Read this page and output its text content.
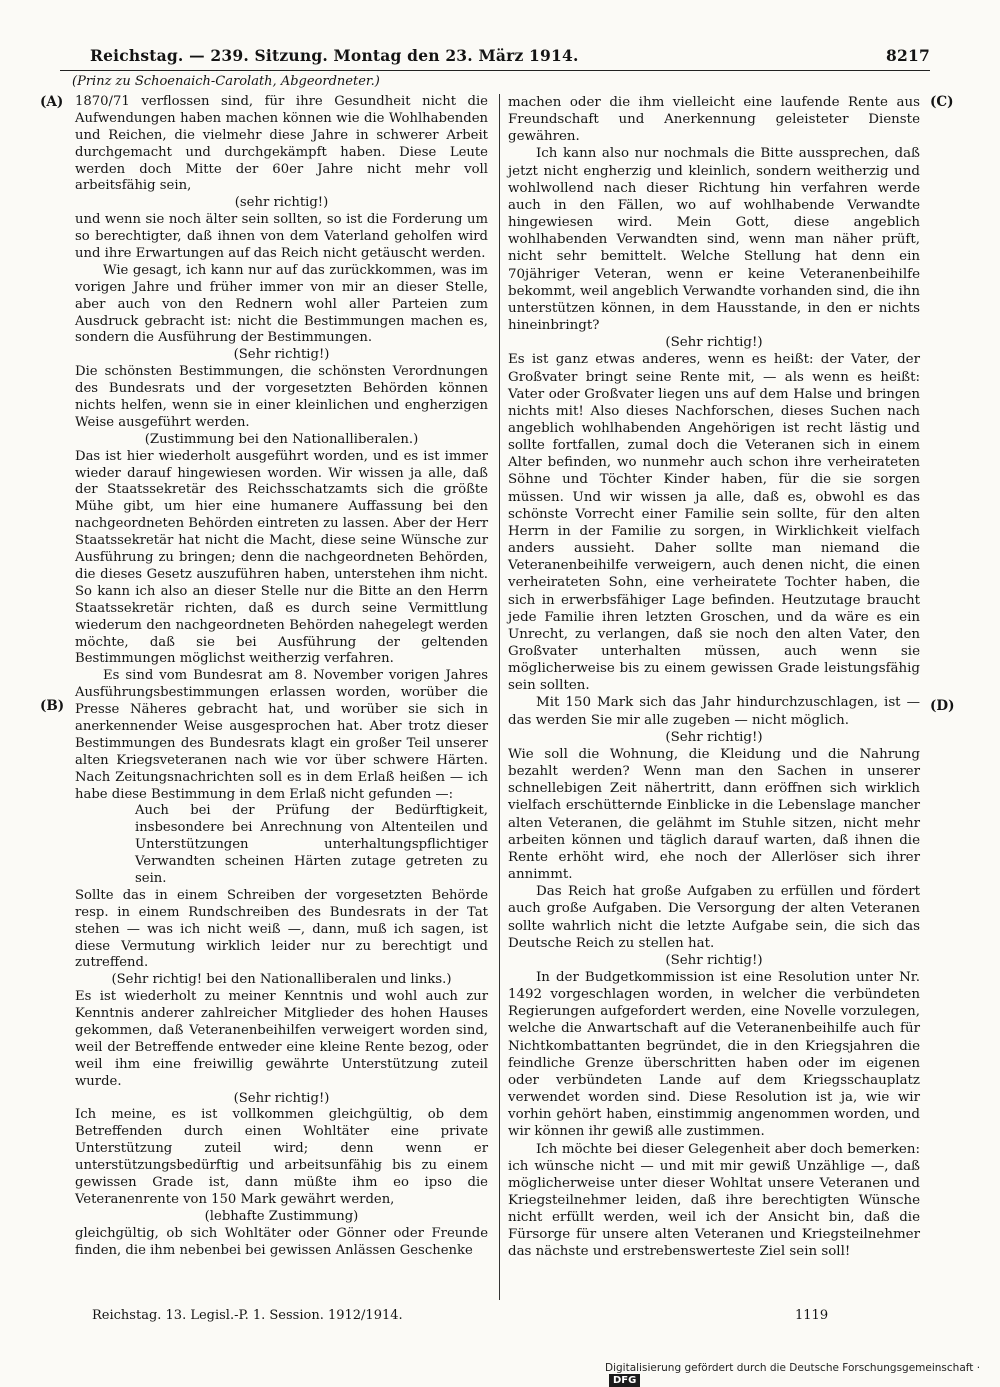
Reichstag. — 239. Sitzung. Montag den 23. März 1914.	8217
(Prinz zu Schoenaich-Carolath, Abgeordneter.)
(A)
(B)
(C)
(D)

1870/71 verflossen sind, für ihre Gesundheit nicht die Aufwendungen haben machen können wie die Wohlhabenden und Reichen, die vielmehr diese Jahre in schwerer Arbeit durchgemacht und durchgekämpft haben. Diese Leute werden doch Mitte der 60er Jahre nicht mehr voll arbeitsfähig sein,

(sehr richtig!)

und wenn sie noch älter sein sollten, so ist die Forderung um so berechtigter, daß ihnen von dem Vaterland geholfen wird und ihre Erwartungen auf das Reich nicht getäuscht werden.

Wie gesagt, ich kann nur auf das zurückkommen, was im vorigen Jahre und früher immer von mir an dieser Stelle, aber auch von den Rednern wohl aller Parteien zum Ausdruck gebracht ist: nicht die Bestimmungen machen es, sondern die Ausführung der Bestimmungen.

(Sehr richtig!)

Die schönsten Bestimmungen, die schönsten Verordnungen des Bundesrats und der vorgesetzten Behörden können nichts helfen, wenn sie in einer kleinlichen und engherzigen Weise ausgeführt werden.

(Zustimmung bei den Nationalliberalen.)

Das ist hier wiederholt ausgeführt worden, und es ist immer wieder darauf hingewiesen worden. Wir wissen ja alle, daß der Staatssekretär des Reichsschatzamts sich die größte Mühe gibt, um hier eine humanere Auffassung bei den nachgeordneten Behörden eintreten zu lassen. Aber der Herr Staatssekretär hat nicht die Macht, diese seine Wünsche zur Ausführung zu bringen; denn die nachgeordneten Behörden, die dieses Gesetz auszuführen haben, unterstehen ihm nicht. So kann ich also an dieser Stelle nur die Bitte an den Herrn Staatssekretär richten, daß es durch seine Vermittlung wiederum den nachgeordneten Behörden nahegelegt werden möchte, daß sie bei Ausführung der geltenden Bestimmungen möglichst weitherzig verfahren.

Es sind vom Bundesrat am 8. November vorigen Jahres Ausführungsbestimmungen erlassen worden, worüber die Presse Näheres gebracht hat, und worüber sie sich in anerkennender Weise ausgesprochen hat. Aber trotz dieser Bestimmungen des Bundesrats klagt ein großer Teil unserer alten Kriegsveteranen nach wie vor über schwere Härten. Nach Zeitungsnachrichten soll es in dem Erlaß heißen — ich habe diese Bestimmung in dem Erlaß nicht gefunden —:

Auch bei der Prüfung der Bedürftigkeit, insbesondere bei Anrechnung von Altenteilen und Unterstützungen unterhaltungspflichtiger Verwandten scheinen Härten zutage getreten zu sein.

Sollte das in einem Schreiben der vorgesetzten Behörde resp. in einem Rundschreiben des Bundesrats in der Tat stehen — was ich nicht weiß —, dann, muß ich sagen, ist diese Vermutung wirklich leider nur zu berechtigt und zutreffend.

(Sehr richtig! bei den Nationalliberalen und links.)

Es ist wiederholt zu meiner Kenntnis und wohl auch zur Kenntnis anderer zahlreicher Mitglieder des hohen Hauses gekommen, daß Veteranenbeihilfen verweigert worden sind, weil der Betreffende entweder eine kleine Rente bezog, oder weil ihm eine freiwillig gewährte Unterstützung zuteil wurde.

(Sehr richtig!)

Ich meine, es ist vollkommen gleichgültig, ob dem Betreffenden durch einen Wohltäter eine private Unterstützung zuteil wird; denn wenn er unterstützungsbedürftig und arbeitsunfähig bis zu einem gewissen Grade ist, dann müßte ihm eo ipso die Veteranenrente von 150 Mark gewährt werden,

(lebhafte Zustimmung)

gleichgültig, ob sich Wohltäter oder Gönner oder Freunde finden, die ihm nebenbei bei gewissen Anlässen Geschenke

machen oder die ihm vielleicht eine laufende Rente aus Freundschaft und Anerkennung geleisteter Dienste gewähren.

Ich kann also nur nochmals die Bitte aussprechen, daß jetzt nicht engherzig und kleinlich, sondern weitherzig und wohlwollend nach dieser Richtung hin verfahren werde auch in den Fällen, wo auf wohlhabende Verwandte hingewiesen wird. Mein Gott, diese angeblich wohlhabenden Verwandten sind, wenn man näher prüft, nicht sehr bemittelt. Welche Stellung hat denn ein 70jähriger Veteran, wenn er keine Veteranenbeihilfe bekommt, weil angeblich Verwandte vorhanden sind, die ihn unterstützen können, in dem Hausstande, in den er nichts hineinbringt?

(Sehr richtig!)

Es ist ganz etwas anderes, wenn es heißt: der Vater, der Großvater bringt seine Rente mit, — als wenn es heißt: Vater oder Großvater liegen uns auf dem Halse und bringen nichts mit! Also dieses Nachforschen, dieses Suchen nach angeblich wohlhabenden Angehörigen ist recht lästig und sollte fortfallen, zumal doch die Veteranen sich in einem Alter befinden, wo nunmehr auch schon ihre verheirateten Söhne und Töchter Kinder haben, für die sie sorgen müssen. Und wir wissen ja alle, daß es, obwohl es das schönste Vorrecht einer Familie sein sollte, für den alten Herrn in der Familie zu sorgen, in Wirklichkeit vielfach anders aussieht. Daher sollte man niemand die Veteranenbeihilfe verweigern, auch denen nicht, die einen verheirateten Sohn, eine verheiratete Tochter haben, die sich in erwerbsfähiger Lage befinden. Heutzutage braucht jede Familie ihren letzten Groschen, und da wäre es ein Unrecht, zu verlangen, daß sie noch den alten Vater, den Großvater unterhalten müssen, auch wenn sie möglicherweise bis zu einem gewissen Grade leistungsfähig sein sollten.

Mit 150 Mark sich das Jahr hindurchzuschlagen, ist — das werden Sie mir alle zugeben — nicht möglich.

(Sehr richtig!)

Wie soll die Wohnung, die Kleidung und die Nahrung bezahlt werden? Wenn man den Sachen in unserer schnellebigen Zeit nähertritt, dann eröffnen sich wirklich vielfach erschütternde Einblicke in die Lebenslage mancher alten Veteranen, die gelähmt im Stuhle sitzen, nicht mehr arbeiten können und täglich darauf warten, daß ihnen die Rente erhöht wird, ehe noch der Allerlöser sich ihrer annimmt.

Das Reich hat große Aufgaben zu erfüllen und fördert auch große Aufgaben. Die Versorgung der alten Veteranen sollte wahrlich nicht die letzte Aufgabe sein, die sich das Deutsche Reich zu stellen hat.

(Sehr richtig!)

In der Budgetkommission ist eine Resolution unter Nr. 1492 vorgeschlagen worden, in welcher die verbündeten Regierungen aufgefordert werden, eine Novelle vorzulegen, welche die Anwartschaft auf die Veteranenbeihilfe auch für Nichtkombattanten begründet, die in den Kriegsjahren die feindliche Grenze überschritten haben oder im eigenen oder verbündeten Lande auf dem Kriegsschauplatz verwendet worden sind. Diese Resolution ist ja, wie wir vorhin gehört haben, einstimmig angenommen worden, und wir können ihr gewiß alle zustimmen.

Ich möchte bei dieser Gelegenheit aber doch bemerken: ich wünsche nicht — und mit mir gewiß Unzählige —, daß möglicherweise unter dieser Wohltat unsere Veteranen und Kriegsteilnehmer leiden, daß ihre berechtigten Wünsche nicht erfüllt werden, weil ich der Ansicht bin, daß die Fürsorge für unsere alten Veteranen und Kriegsteilnehmer das nächste und erstrebenswerteste Ziel sein soll!

Reichstag. 13. Legisl.-P. 1. Session. 1912/1914.	1119
Digitalisierung gefördert durch die Deutsche Forschungsgemeinschaft ·DFG
